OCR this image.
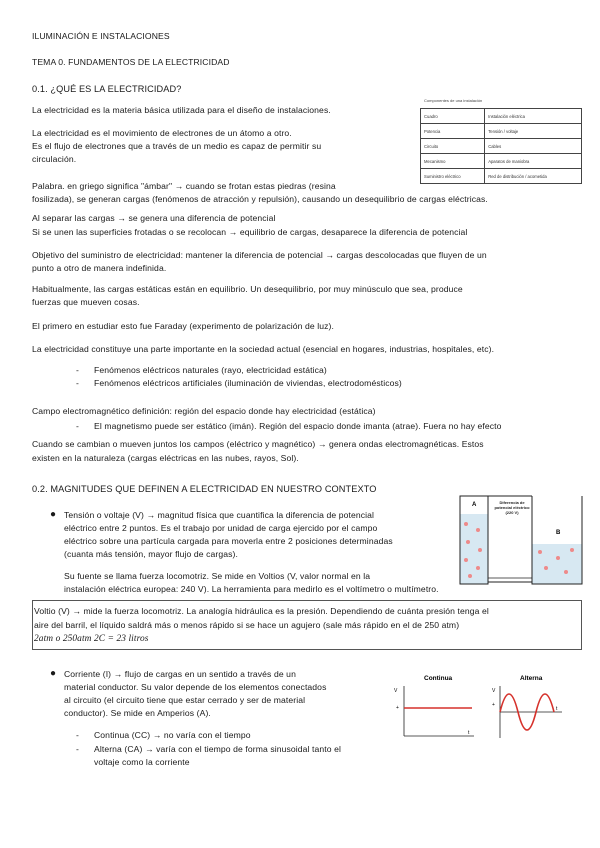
ILUMINACIÓN E INSTALACIONES
TEMA 0. FUNDAMENTOS DE LA ELECTRICIDAD
0.1. ¿QUÉ ES LA ELECTRICIDAD?
La electricidad es la materia básica utilizada para el diseño de instalaciones.
La electricidad es el movimiento de electrones de un átomo a otro.
Es el flujo de electrones que a través de un medio es capaz de permitir su
circulación.
Componentes de una instalación
Cuadro	Instalación eléctrica
Potencia	Tensión / voltaje
Circuito	Cables
Mecanismo	Aparatos de maniobra
Suministro eléctrico	Red de distribución / acometida
Palabra. en griego significa "ámbar" → cuando se frotan estas piedras (resina
fosilizada), se generan cargas (fenómenos de atracción y repulsión), causando un desequilibrio de cargas eléctricas.
Al separar las cargas → se genera una diferencia de potencial
Si se unen las superficies frotadas o se recolocan → equilibrio de cargas, desaparece la diferencia de potencial
Objetivo del suministro de electricidad: mantener la diferencia de potencial → cargas descolocadas que fluyen de un
punto a otro de manera indefinida.
Habitualmente, las cargas estáticas están en equilibrio. Un desequilibrio, por muy minúsculo que sea, produce
fuerzas que mueven cosas.
El primero en estudiar esto fue Faraday (experimento de polarización de luz).
La electricidad constituye una parte importante en la sociedad actual (esencial en hogares, industrias, hospitales, etc).
- Fenómenos eléctricos naturales (rayo, electricidad estática)
- Fenómenos eléctricos artificiales (iluminación de viviendas, electrodomésticos)
Campo electromagnético definición: región del espacio donde hay electricidad (estática)
- El magnetismo puede ser estático (imán). Región del espacio donde imanta (atrae). Fuera no hay efecto
Cuando se cambian o mueven juntos los campos (eléctrico y magnético) → genera ondas electromagnéticas. Estos
existen en la naturaleza (cargas eléctricas en las nubes, rayos, Sol).
0.2. MAGNITUDES QUE DEFINEN A ELECTRICIDAD EN NUESTRO CONTEXTO
● Tensión o voltaje (V) → magnitud física que cuantifica la diferencia de potencial
eléctrico entre 2 puntos. Es el trabajo por unidad de carga ejercido por el campo
eléctrico sobre una partícula cargada para moverla entre 2 posiciones determinadas
(cuanta más tensión, mayor flujo de cargas).
Su fuente se llama fuerza locomotriz. Se mide en Voltios (V, valor normal en la
instalación eléctrica europea: 240 V). La herramienta para medirlo es el voltímetro o multímetro.
A
B
Diferencia de potencial eléctrico (220 V)
Voltio (V) → mide la fuerza locomotriz. La analogía hidráulica es la presión. Dependiendo de cuánta presión tenga el
aire del barril, el líquido saldrá más o menos rápido si se hace un agujero (sale más rápido en el de 250 atm)
2atm o 250atm 2C = 23 litros
● Corriente (I) → flujo de cargas en un sentido a través de un
material conductor. Su valor depende de los elementos conectados
al circuito (el circuito tiene que estar cerrado y ser de material
conductor). Se mide en Amperios (A).
- Continua (CC) → no varía con el tiempo
- Alterna (CA) → varía con el tiempo de forma sinusoidal tanto el
voltaje como la corriente
Continua	Alterna
V
+
t
V
+
t
